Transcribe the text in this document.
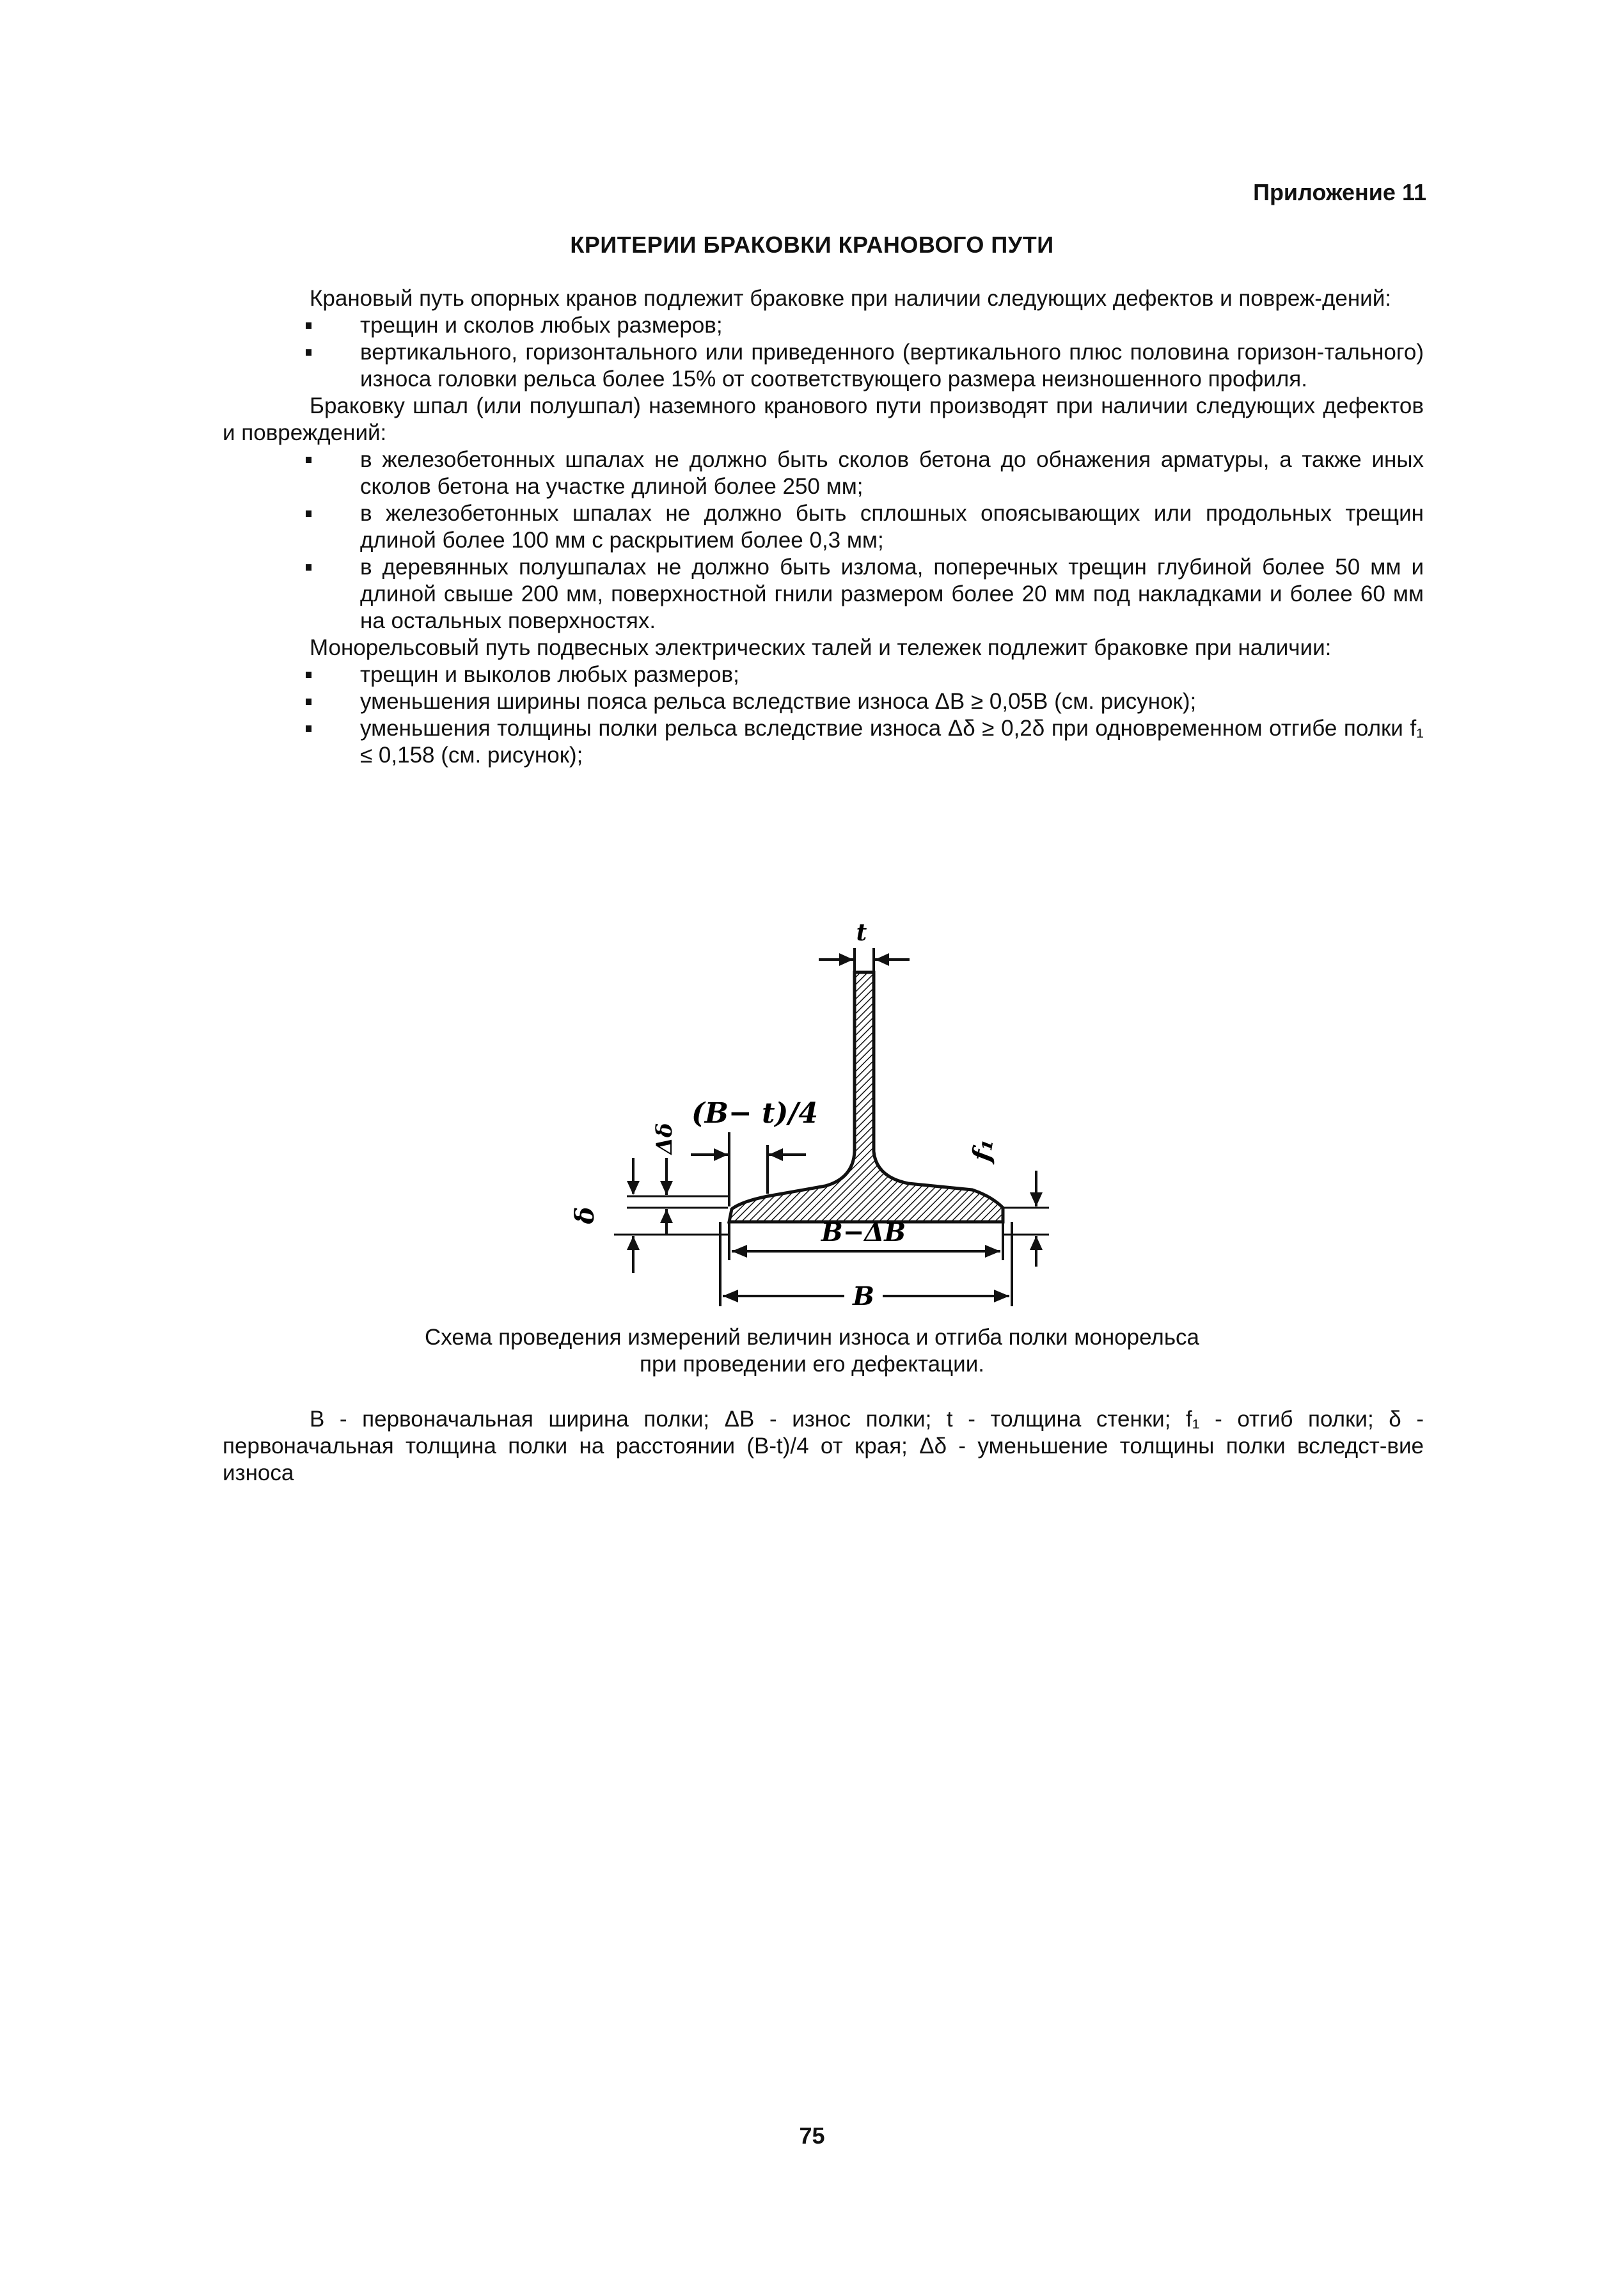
Приложение 11
КРИТЕРИИ БРАКОВКИ КРАНОВОГО ПУТИ

Крановый путь опорных кранов подлежит браковке при наличии следующих дефектов и повреж-дений:

трещин и сколов любых размеров;
вертикального, горизонтального или приведенного (вертикального плюс половина горизон-тального) износа головки рельса более 15% от соответствующего размера неизношенного профиля.

Браковку шпал (или полушпал) наземного кранового пути производят при наличии следующих дефектов и повреждений:

в железобетонных шпалах не должно быть сколов бетона до обнажения арматуры, а также иных сколов бетона на участке длиной более 250 мм;
в железобетонных шпалах не должно быть сплошных опоясывающих или продольных трещин длиной более 100 мм с раскрытием более 0,3 мм;
в деревянных полушпалах не должно быть излома, поперечных трещин глубиной более 50 мм и длиной свыше 200 мм, поверхностной гнили размером более 20 мм под накладками и более 60 мм на остальных поверхностях.

Монорельсовый путь подвесных электрических талей и тележек подлежит браковке при наличии:

трещин и выколов любых размеров;
уменьшения ширины пояса рельса вследствие износа ΔB ≥ 0,05B (см. рисунок);
уменьшения толщины полки рельса вследствие износа Δδ ≥ 0,2δ при одновременном отгибе полки f₁ ≤ 0,158 (см. рисунок);
t
(B− t)/4
Δδ
δ
f₁
B−ΔB
B
Схема проведения измерений величин износа и отгиба полки монорельса
при проведении его дефектации.
B - первоначальная ширина полки; ΔB - износ полки; t - толщина стенки; f₁ - отгиб полки; δ - первоначальная толщина полки на расстоянии (B-t)/4 от края; Δδ - уменьшение толщины полки вследст-вие износа
75
